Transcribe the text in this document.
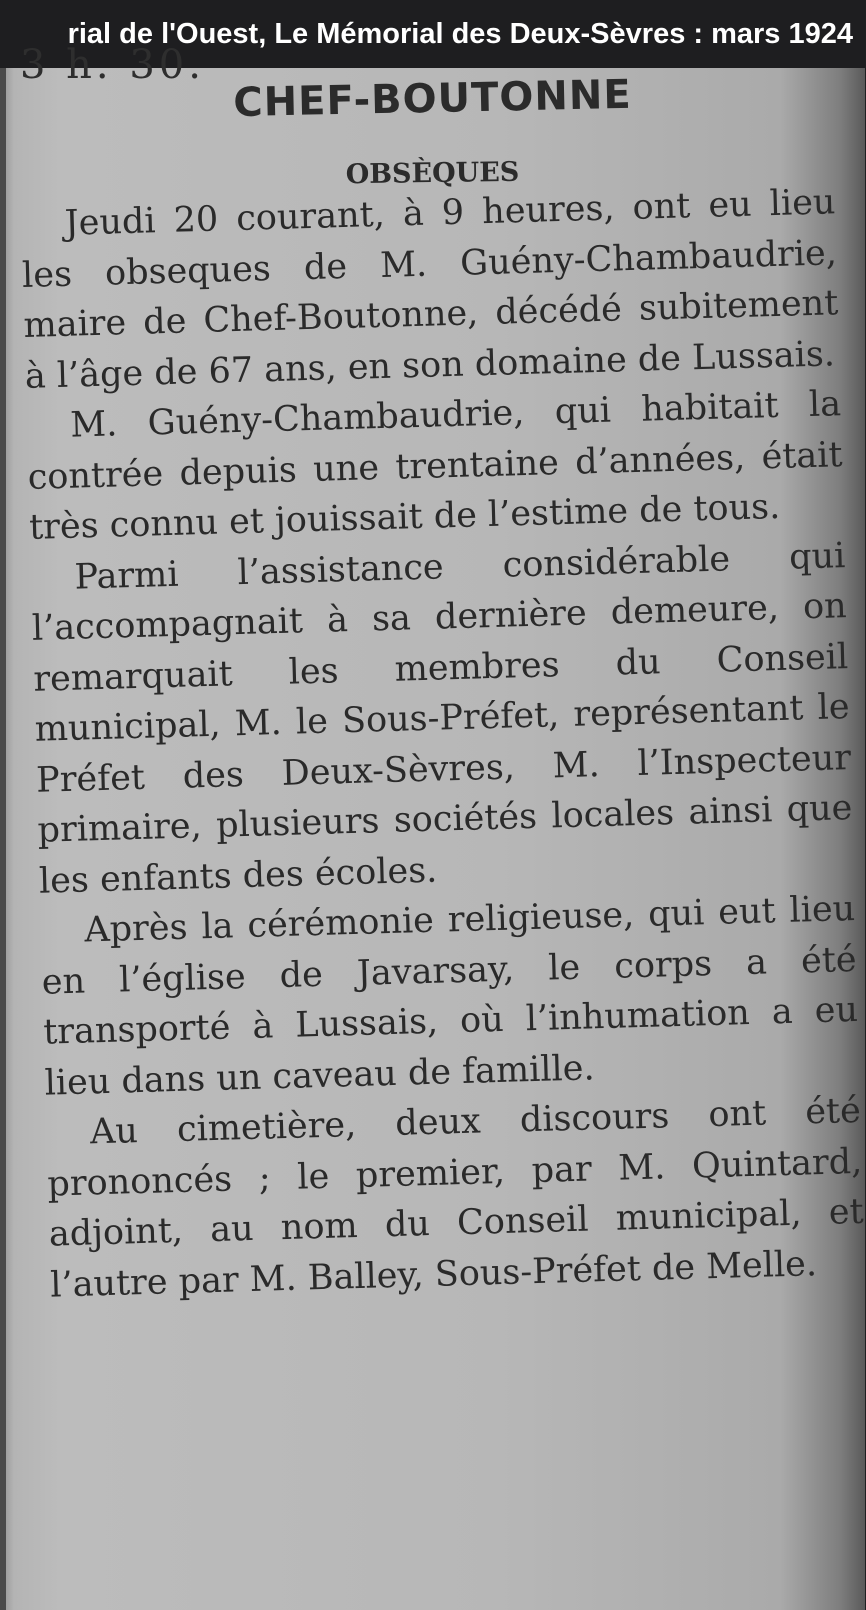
rial de l'Ouest, Le Mémorial des Deux-Sèvres : mars 1924
3 h. 30.
CHEF-BOUTONNE
OBSÈQUES

Jeudi 20 courant, à 9 heures, ont eu lieu les obseques de M. Guény-Chambaudrie, maire de Chef-Boutonne, décédé subitement à l’âge de 67 ans, en son domaine de Lussais.

M. Guény-Chambaudrie, qui habitait la contrée depuis une trentaine d’années, était très connu et jouissait de l’estime de tous.

Parmi l’assistance considérable qui l’accompagnait à sa dernière demeure, on remarquait les membres du Conseil municipal, M. le Sous-Préfet, représentant le Préfet des Deux-Sèvres, M. l’Inspecteur primaire, plusieurs sociétés locales ainsi que les enfants des écoles.

Après la cérémonie religieuse, qui eut lieu en l’église de Javarsay, le corps a été transporté à Lussais, où l’inhumation a eu lieu dans un caveau de famille.

Au cimetière, deux discours ont été prononcés ; le premier, par M. Quintard, adjoint, au nom du Conseil municipal, et l’autre par M. Balley, Sous-Préfet de Melle.
